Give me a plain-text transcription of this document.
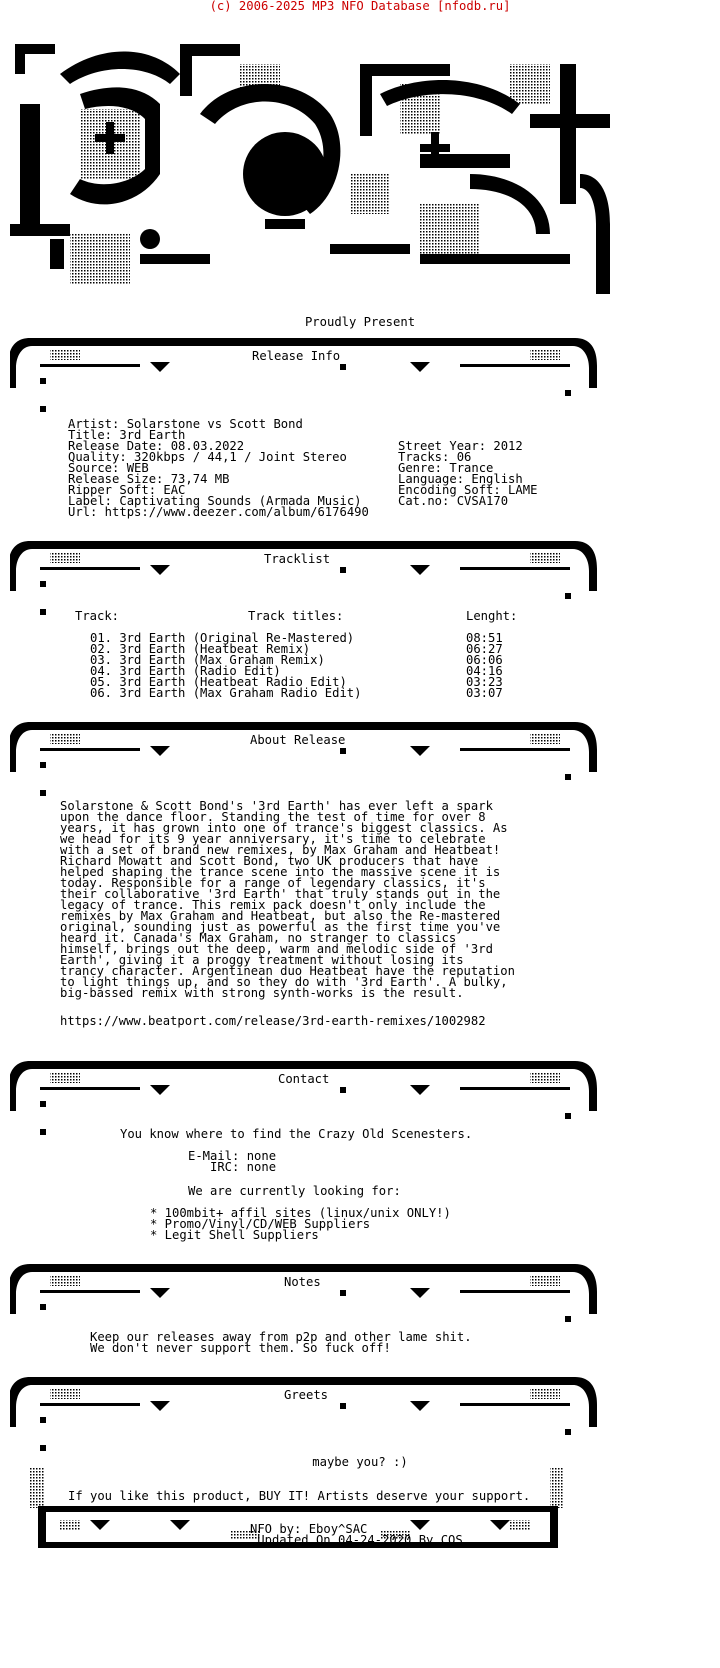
(c) 2006-2025 MP3 NFO Database [nfodb.ru]
Proudly Present
Release Info
Artist: Solarstone vs Scott Bond
Title: 3rd Earth
Release Date: 08.03.2022
Quality: 320kbps / 44,1 / Joint Stereo
Source: WEB
Release Size: 73,74 MB
Ripper Soft: EAC
Label: Captivating Sounds (Armada Music)
Url: https://www.deezer.com/album/6176490
Street Year: 2012
Tracks: 06
Genre: Trance
Language: English
Encoding Soft: LAME
Cat.no: CVSA170
Tracklist
Track:	Track titles:	Lenght:
01. 3rd Earth (Original Re-Mastered)	08:51
02. 3rd Earth (Heatbeat Remix)	06:27
03. 3rd Earth (Max Graham Remix)	06:06
04. 3rd Earth (Radio Edit)	04:16
05. 3rd Earth (Heatbeat Radio Edit)	03:23
06. 3rd Earth (Max Graham Radio Edit)	03:07
About Release
Solarstone & Scott Bond's '3rd Earth' has ever left a spark
upon the dance floor. Standing the test of time for over 8
years, it has grown into one of trance's biggest classics. As
we head for its 9 year anniversary, it's time to celebrate
with a set of brand new remixes, by Max Graham and Heatbeat!
Richard Mowatt and Scott Bond, two UK producers that have
helped shaping the trance scene into the massive scene it is
today. Responsible for a range of legendary classics, it's
their collaborative '3rd Earth' that truly stands out in the
legacy of trance. This remix pack doesn't only include the
remixes by Max Graham and Heatbeat, but also the Re-mastered
original, sounding just as powerful as the first time you've
heard it. Canada's Max Graham, no stranger to classics
himself, brings out the deep, warm and melodic side of '3rd
Earth', giving it a proggy treatment without losing its
trancy character. Argentinean duo Heatbeat have the reputation
to light things up, and so they do with '3rd Earth'. A bulky,
big-bassed remix with strong synth-works is the result.
https://www.beatport.com/release/3rd-earth-remixes/1002982
Contact
You know where to find the Crazy Old Scenesters.
E-Mail: none
IRC: none
We are currently looking for:
* 100mbit+ affil sites (linux/unix ONLY!)
* Promo/Vinyl/CD/WEB Suppliers
* Legit Shell Suppliers
Notes
Keep our releases away from p2p and other lame shit.
We don't never support them. So fuck off!
Greets
maybe you? :)
If you like this product, BUY IT! Artists deserve your support.
NFO by: Eboy^SAC
Updated On 04-24-2020 By COS
